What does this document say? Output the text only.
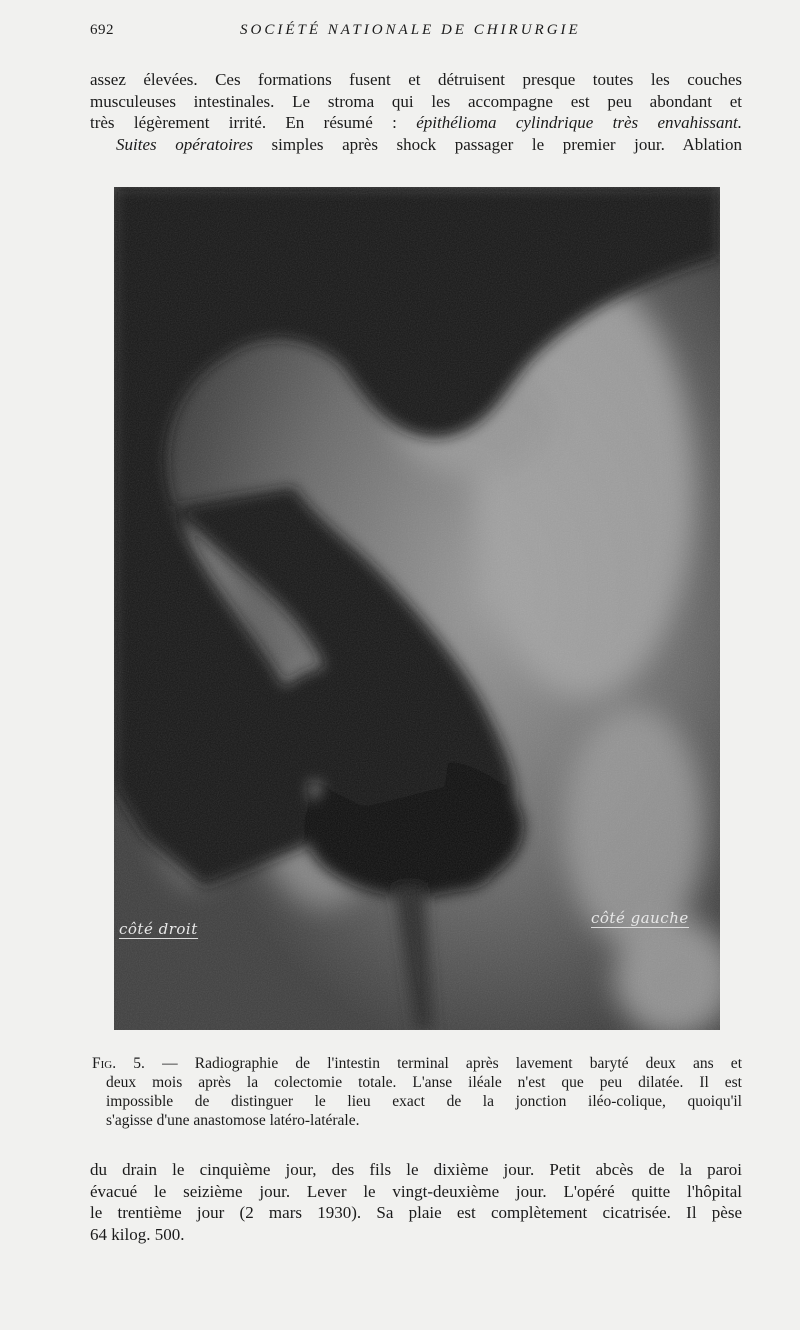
692	SOCIÉTÉ NATIONALE DE CHIRURGIE
assez élevées. Ces formations fusent et détruisent presque toutes les couches
musculeuses intestinales. Le stroma qui les accompagne est peu abondant et
très légèrement irrité. En résumé : épithélioma cylindrique très envahissant.
Suites opératoires simples après shock passager le premier jour. Ablation
côté droit
côté gauche
Fig. 5. — Radiographie de l'intestin terminal après lavement baryté deux ans et
deux mois après la colectomie totale. L'anse iléale n'est que peu dilatée. Il est
impossible de distinguer le lieu exact de la jonction iléo-colique, quoiqu'il
s'agisse d'une anastomose latéro-latérale.
du drain le cinquième jour, des fils le dixième jour. Petit abcès de la paroi
évacué le seizième jour. Lever le vingt-deuxième jour. L'opéré quitte l'hôpital
le trentième jour (2 mars 1930). Sa plaie est complètement cicatrisée. Il pèse
64 kilog. 500.
